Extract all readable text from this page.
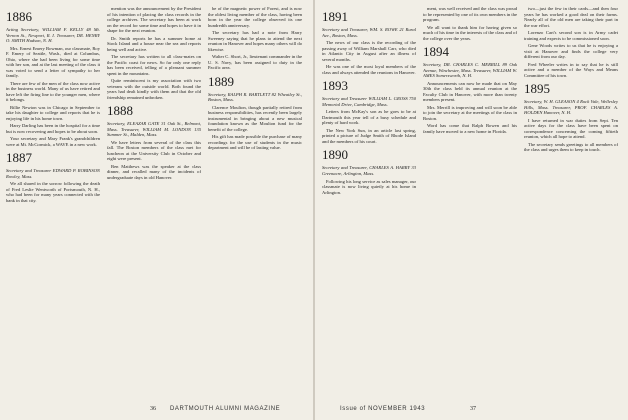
1886
Acting Secretary, WILLIAM F. KELLY 48 Mt. Vernon St., Newport, R. I. Treasurer, DR. HENRY O. SMITH Hudson, N. H.
Mrs. Ernest Emery Bowman, our classmate, Roy F. Emery of Seattle, Wash., died at Columbus, Ohio, where she had been living for some time with her son, and at the last meeting of the class it was voted to send a letter of sympathy to her family.
There are few of the men of the class now active in the business world. Many of us have retired and have left the firing line to the younger men, where it belongs.
Billie Newton was in Chicago in September to take his daughter to college and reports that he is enjoying life in his home town.
Harry Darling has been in the hospital for a time but is now recovering and hopes to be about soon.
Your secretary and Mary Frank's grandchildren were at Mt. McCormick, a WAVE in a new work.
1887
Secretary and Treasurer EDWARD P. ROBINSON Rowley, Mass.
We all shared in the sorrow following the death of Fred Leslie Wentworth of Portsmouth, N. H., who had been for many years connected with the bank in that city.
mention was the announcement by the President of his intention of placing the class records in the college archives. The secretary has been at work on the record for some time and hopes to have it in shape for the next reunion.
Dr. Smith reports he has a summer home at Stock Island and a house near the sea and reports being well and active.
The secretary has written to all class-mates on the Pacific coast for news. So far only one reply has been received, telling of a pleasant summer spent in the mountains.
Quite reminiscent is my association with two veterans with the outside world. Both found the years had dealt kindly with them and that the old friendship remained unbroken.
1888
Secretary, ELEAZAR GATE 31 Oak St., Belmont, Mass. Treasurer, WILLIAM M. LONDON 135 Summer St., Malden, Mass.
We have letters from several of the class this fall. The Boston members of the class met for luncheon at the University Club in October and eight were present.
Ben Matthews was the speaker at the class dinner, and recalled many of the incidents of undergraduate days in old Hanover.
be of the magnetic power of Forest, and is now the oldest living member of the class, having been born in the year the college observed its one hundredth anniversary.
The secretary has had a note from Harry Sweeney saying that he plans to attend the next reunion in Hanover and hopes many others will do likewise.
Walter C. Short, Jr., lieutenant commander in the U. S. Navy, has been assigned to duty in the Pacific area.
1889
Secretary, RALPH R. BARTLETT 82 Wheatley St., Boston, Mass.
Clarence Moulton, though partially retired from business responsibilities, has recently been largely instrumental in bringing about a new musical foundation known as the Moulton fund for the benefit of the college.
His gift has made possible the purchase of many recordings for the use of students in the music department and will be of lasting value.
1891
Secretary and Treasurer, WM. S. ROWE 21 Rural Ave., Boston, Mass.
The news of our class is the recording of the passing away of William Marshall Carr, who died in Atlantic City in August after an illness of several months.
He was one of the most loyal members of the class and always attended the reunions in Hanover.
1893
Secretary and Treasurer WILLIAM L. GROSS 750 Memorial Drive, Cambridge, Mass.
Letters from McKay's son as he goes to be at Dartmouth this year tell of a busy schedule and plenty of hard work.
The New York Sun, in an article last spring, printed a picture of Judge Smith of Rhode Island and the members of his court.
1890
Secretary and Treasurer, CHARLES A. HARRY 33 Greenacre, Arlington, Mass.
Following his long service as sales manager, our classmate is now living quietly at his home in Arlington.
ment, was well received and the class was proud to be represented by one of its own members in the program.
We all want to thank him for having given so much of his time in the interests of the class and of the college over the years.
1894
Secretary, DR. CHARLES C. MERRILL 89 Oak Avenue, Winchester, Mass. Treasurer, WILLIAM W. AMES Somersworth, N. H.
Announcements can now be made that on May 30th the class held its annual reunion at the Faculty Club in Hanover, with more than twenty members present.
Mrs. Merrill is improving and will soon be able to join the secretary at the meetings of the class in Boston.
Word has come that Ralph Bowen and his family have moved to a new home in Florida.
two—just the few in their cards—and then four years he has worked a good deal on their farms. Nearly all of the old men are taking their part in the war effort.
Lorenzo Cart's second son is in Army cadet training and expects to be commissioned soon.
Gene Woods writes to us that he is enjoying a visit at Hanover and finds the college very different from our day.
Fred Wheeler writes in to say that he is still active and a member of the Ways and Means Committee of his town.
1895
Secretary, W. H. GLEASON 4 Rock Vale, Wellesley Hills, Mass. Treasurer, PROF. CHARLES A. HOLDEN Hanover, N. H.
I have returned in war duties from Sept. Ten active days for the class have been spent on correspondence concerning the coming fiftieth reunion, which all hope to attend.
The secretary sends greetings to all members of the class and urges them to keep in touch.
36 DARTMOUTH ALUMNI MAGAZINE	Issue of NOVEMBER 1943	37
